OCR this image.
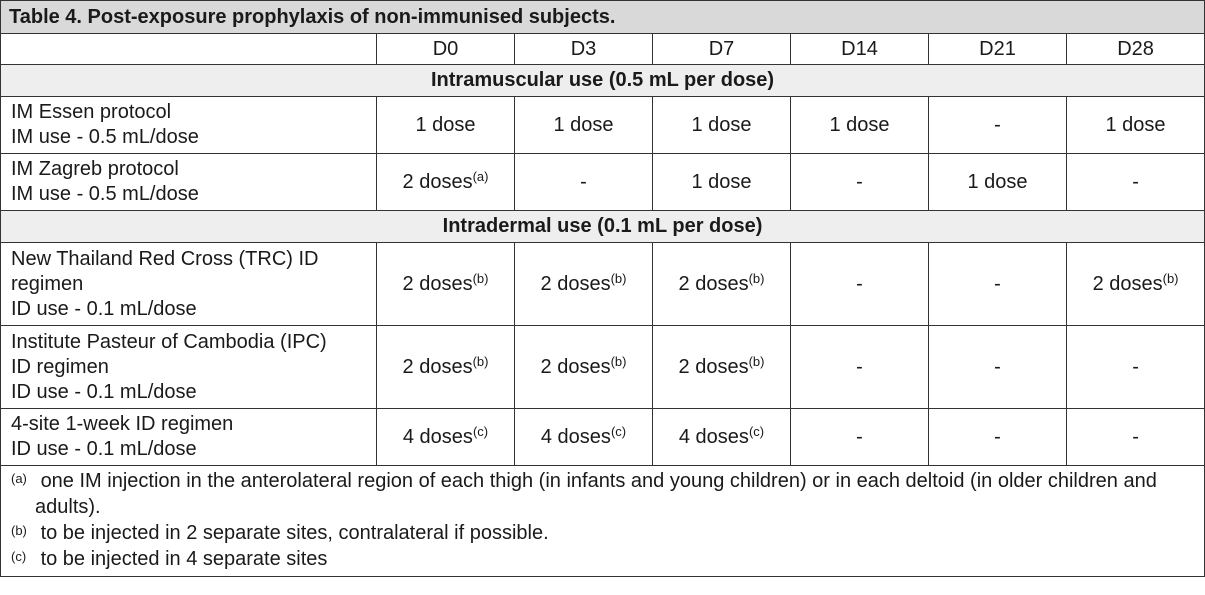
Table 4. Post-exposure prophylaxis of non-immunised subjects.						
	D0	D3	D7	D14	D21	D28
Intramuscular use (0.5 mL per dose)						

IM Essen protocol
IM use - 0.5 mL/dose	1 dose	1 dose	1 dose	1 dose	-	1 dose

IM Zagreb protocol
IM use - 0.5 mL/dose	2 doses$^{(a)}$	-	1 dose	-	1 dose	-
Intradermal use (0.1 mL per dose)						

New Thailand Red Cross (TRC) ID
regimen
ID use - 0.1 mL/dose	2 doses$^{(b)}$	2 doses$^{(b)}$	2 doses$^{(b)}$	-	-	2 doses$^{(b)}$

Institute Pasteur of Cambodia (IPC)
ID regimen
ID use - 0.1 mL/dose	2 doses$^{(b)}$	2 doses$^{(b)}$	2 doses$^{(b)}$	-	-	-

4-site 1-week ID regimen
ID use - 0.1 mL/dose	4 doses$^{(c)}$	4 doses$^{(c)}$	4 doses$^{(c)}$	-	-	-

$^{(a)}$ one IM injection in the anterolateral region of each thigh (in infants and young children) or in each deltoid (in older children and adults).
$^{(b)}$ to be injected in 2 separate sites, contralateral if possible.
$^{(c)}$ to be injected in 4 separate sites						
